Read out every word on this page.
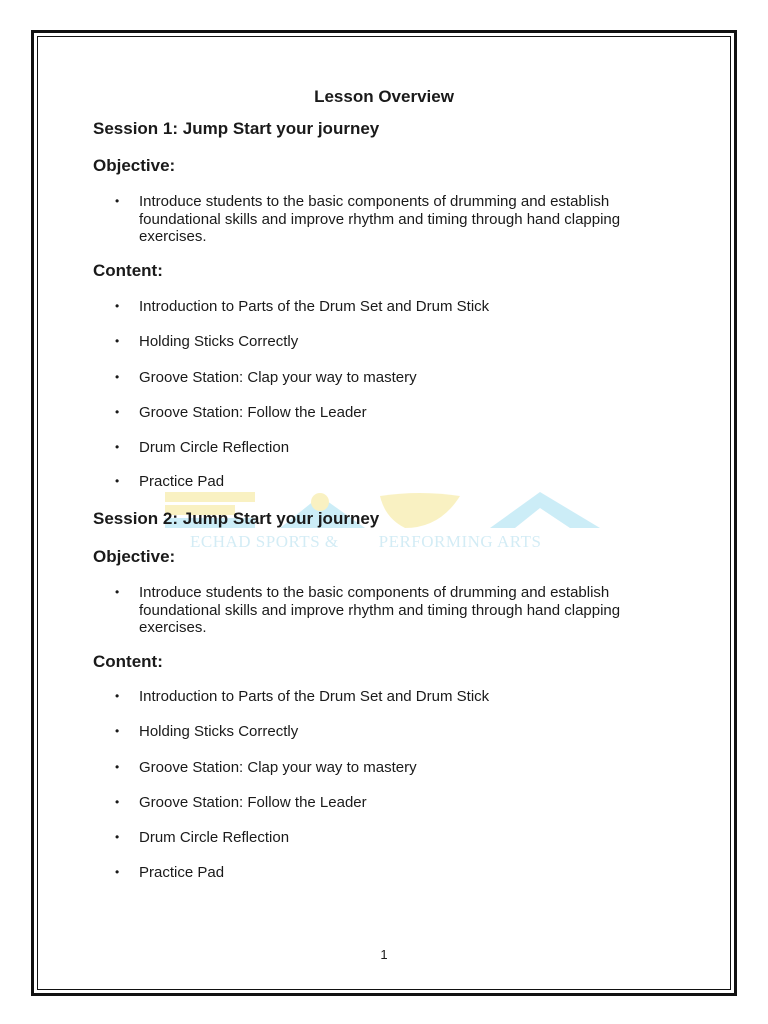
ECHAD SPORTS & PERFORMING ARTS
Lesson Overview
Session 1: Jump Start your journey
Objective:
• Introduce students to the basic components of drumming and establish foundational skills and improve rhythm and timing through hand clapping exercises.
Content:
• Introduction to Parts of the Drum Set and Drum Stick
• Holding Sticks Correctly
• Groove Station: Clap your way to mastery
• Groove Station: Follow the Leader
• Drum Circle Reflection
• Practice Pad
Session 2: Jump Start your journey
Objective:
• Introduce students to the basic components of drumming and establish foundational skills and improve rhythm and timing through hand clapping exercises.
Content:
• Introduction to Parts of the Drum Set and Drum Stick
• Holding Sticks Correctly
• Groove Station: Clap your way to mastery
• Groove Station: Follow the Leader
• Drum Circle Reflection
• Practice Pad
1
